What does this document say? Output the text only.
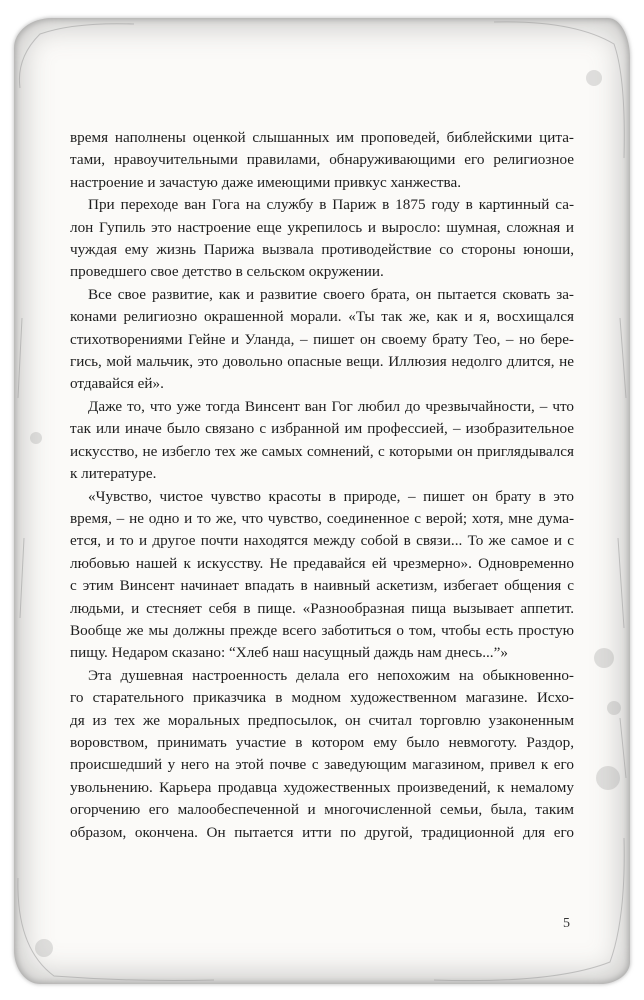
время наполнены оценкой слышанных им проповедей, библейскими цита-
тами, нравоучительными правилами, обнаруживающими его религиозное
настроение и зачастую даже имеющими привкус ханжества.
При переходе ван Гога на службу в Париж в 1875 году в картинный са-
лон Гупиль это настроение еще укрепилось и выросло: шумная, сложная и
чуждая ему жизнь Парижа вызвала противодействие со стороны юноши,
проведшего свое детство в сельском окружении.
Все свое развитие, как и развитие своего брата, он пытается сковать за-
конами религиозно окрашенной морали. «Ты так же, как и я, восхищался
стихотворениями Гейне и Уланда, – пишет он своему брату Тео, – но бере-
гись, мой мальчик, это довольно опасные вещи. Иллюзия недолго длится, не
отдавайся ей».
Даже то, что уже тогда Винсент ван Гог любил до чрезвычайности, – что
так или иначе было связано с избранной им профессией, – изобразительное
искусство, не избегло тех же самых сомнений, с которыми он приглядывался
к литературе.
«Чувство, чистое чувство красоты в природе, – пишет он брату в это
время, – не одно и то же, что чувство, соединенное с верой; хотя, мне дума-
ется, и то и другое почти находятся между собой в связи... То же самое и с
любовью нашей к искусству. Не предавайся ей чрезмерно». Одновременно
с этим Винсент начинает впадать в наивный аскетизм, избегает общения с
людьми, и стесняет себя в пище. «Разнообразная пища вызывает аппетит.
Вообще же мы должны прежде всего заботиться о том, чтобы есть простую
пищу. Недаром сказано: “Хлеб наш насущный даждь нам днесь...”»
Эта душевная настроенность делала его непохожим на обыкновенно-
го старательного приказчика в модном художественном магазине. Исхо-
дя из тех же моральных предпосылок, он считал торговлю узаконенным
воровством, принимать участие в котором ему было невмоготу. Раздор,
происшедший у него на этой почве с заведующим магазином, привел к его
увольнению. Карьера продавца художественных произведений, к немалому
огорчению его малообеспеченной и многочисленной семьи, была, таким
образом, окончена. Он пытается итти по другой, традиционной для его
5
